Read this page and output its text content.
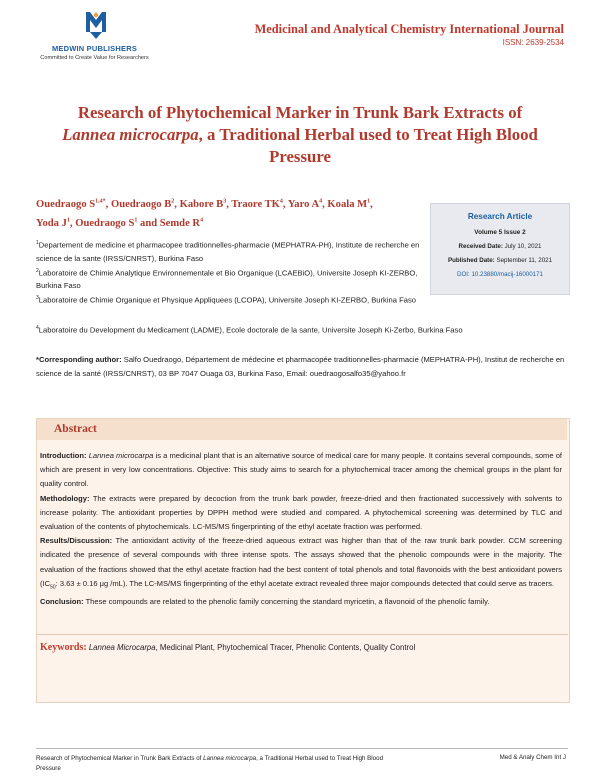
MEDWIN PUBLISHERS
Committed to Create Value for Researchers
Medicinal and Analytical Chemistry International Journal
ISSN: 2639-2534
Research of Phytochemical Marker in Trunk Bark Extracts of
Lannea microcarpa, a Traditional Herbal used to Treat High Blood Pressure
Ouedraogo $S^{1,4*}$, Ouedraogo $B^2$, Kabore $B^3$, Traore $TK^4$, Yaro $A^4$, Koala $M^1$,
Yoda $J^1$, Ouedraogo $S^1$ and Semde $R^4$	Research Article
Volume 5 Issue 2
Received Date: July 10, 2021
Published Date: September 11, 2021
DOI: 10.23880/macij-16000171

$^1$Departement de medicine et pharmacopee traditionnelles-pharmacie (MEPHATRA-PH), Institute de recherche en science de la sante (IRSS/CNRST), Burkina Faso

$^2$Laboratoire de Chimie Analytique Environnementale et Bio Organique (LCAEBiO), Universite Joseph KI-ZERBO, Burkina Faso

$^3$Laboratoire de Chimie Organique et Physique Appliquees (LCOPA), Universite Joseph KI-ZERBO, Burkina Faso

$^4$Laboratoire du Development du Medicament (LADME), Ecole doctorale de la sante, Universite Joseph Ki-Zerbo, Burkina Faso

*Corresponding author: Salfo Ouedraogo, Département de médecine et pharmacopée traditionnelles-pharmacie (MEPHATRA-PH), Institut de recherche en science de la santé (IRSS/CNRST), 03 BP 7047 Ouaga 03, Burkina Faso, Email: ouedraogosalfo35@yahoo.fr
Abstract

Introduction: Lannea microcarpa is a medicinal plant that is an alternative source of medical care for many people. It contains several compounds, some of which are present in very low concentrations. Objective: This study aims to search for a phytochemical tracer among the chemical groups in the plant for quality control.

Methodology: The extracts were prepared by decoction from the trunk bark powder, freeze-dried and then fractionated successively with solvents to increase polarity. The antioxidant properties by DPPH method were studied and compared. A phytochemical screening was determined by TLC and evaluation of the contents of phytochemicals. LC-MS/MS fingerprinting of the ethyl acetate fraction was performed.

Results/Discussion: The antioxidant activity of the freeze-dried aqueous extract was higher than that of the raw trunk bark powder. CCM screening indicated the presence of several compounds with three intense spots. The assays showed that the phenolic compounds were in the majority. The evaluation of the fractions showed that the ethyl acetate fraction had the best content of total phenols and total flavonoids with the best antioxidant powers ($IC_{50}$: 3.63 ± 0.16 μg /mL). The LC-MS/MS fingerprinting of the ethyl acetate extract revealed three major compounds detected that could serve as tracers.

Conclusion: These compounds are related to the phenolic family concerning the standard myricetin, a flavonoid of the phenolic family.

Keywords: Lannea Microcarpa, Medicinal Plant, Phytochemical Tracer, Phenolic Contents, Quality Control
Research of Phytochemical Marker in Trunk Bark Extracts of Lannea microcarpa, a Traditional Herbal used to Treat High Blood Pressure
Med & Analy Chem Int J
